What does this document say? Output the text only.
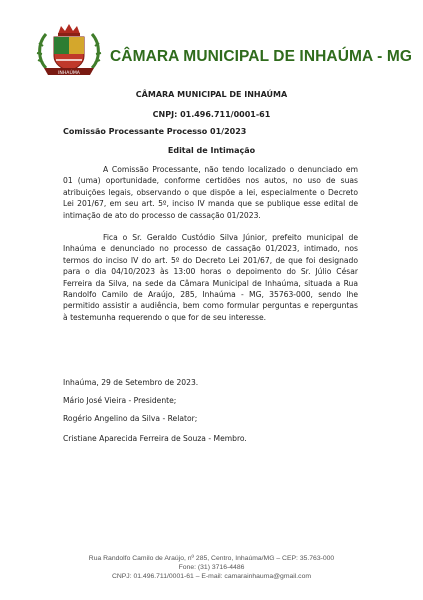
INHAÚMA
CÂMARA MUNICIPAL DE INHAÚMA - MG
CÂMARA MUNICIPAL DE INHAÚMA
CNPJ: 01.496.711/0001-61
Comissão Processante Processo 01/2023
Edital de Intimação
A Comissão Processante, não tendo localizado o denunciado em 01 (uma) oportunidade, conforme certidões nos autos, no uso de suas atribuições legais, observando o que dispõe a lei, especialmente o Decreto Lei 201/67, em seu art. 5º, inciso IV manda que se publique esse edital de intimação de ato do processo de cassação 01/2023.
Fica o Sr. Geraldo Custódio Silva Júnior, prefeito municipal de Inhaúma e denunciado no processo de cassação 01/2023, intimado, nos termos do inciso IV do art. 5º do Decreto Lei 201/67, de que foi designado para o dia 04/10/2023 às 13:00 horas o depoimento do Sr. Júlio César Ferreira da Silva, na sede da Câmara Municipal de Inhaúma, situada a Rua Randolfo Camilo de Araújo, 285, Inhaúma - MG, 35763-000, sendo lhe permitido assistir a audiência, bem como formular perguntas e reperguntas à testemunha requerendo o que for de seu interesse.
Inhaúma, 29 de Setembro de 2023.
Mário José Vieira - Presidente;
Rogério Angelino da Silva - Relator;
Cristiane Aparecida Ferreira de Souza - Membro.
Rua Randolfo Camilo de Araújo, nº 285, Centro, Inhaúma/MG – CEP: 35.763-000
Fone: (31) 3716-4486
CNPJ: 01.496.711/0001-61 – E-mail: camarainhauma@gmail.com
